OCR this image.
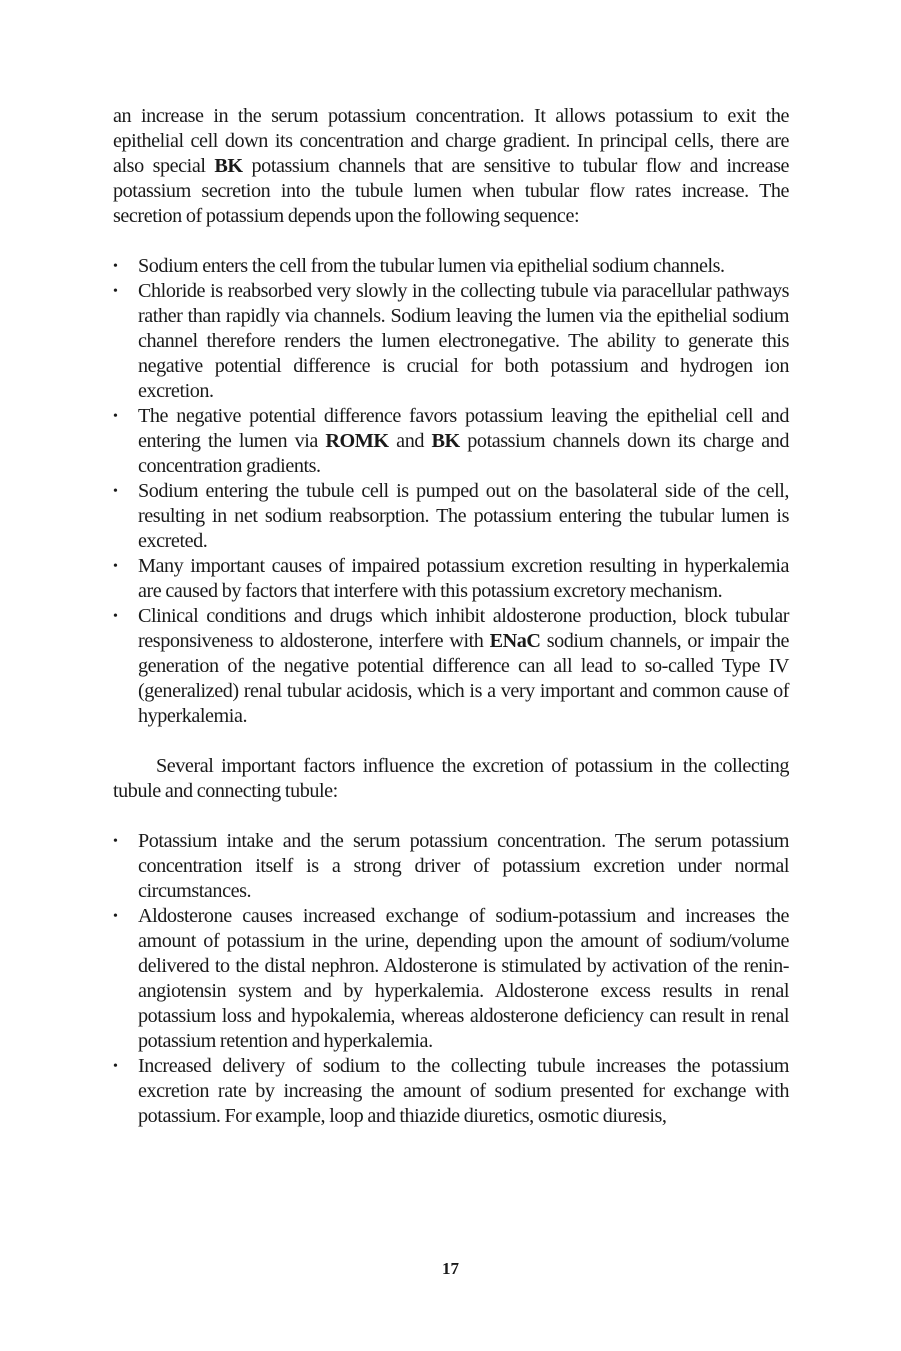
an increase in the serum potassium concentration. It allows potassium to exit the epithelial cell down its concentration and charge gradient. In principal cells, there are also special BK potassium channels that are sensitive to tubular flow and increase potassium secretion into the tubule lumen when tubular flow rates increase. The secretion of potassium depends upon the following sequence:

• Sodium enters the cell from the tubular lumen via epithelial sodium channels.
• Chloride is reabsorbed very slowly in the collecting tubule via paracellular pathways rather than rapidly via channels. Sodium leaving the lumen via the epithelial sodium channel therefore renders the lumen electronegative. The ability to generate this negative potential difference is crucial for both potassium and hydrogen ion excretion.
• The negative potential difference favors potassium leaving the epithelial cell and entering the lumen via ROMK and BK potassium channels down its charge and concentration gradients.
• Sodium entering the tubule cell is pumped out on the basolateral side of the cell, resulting in net sodium reabsorption. The potassium entering the tubular lumen is excreted.
• Many important causes of impaired potassium excretion resulting in hyperkalemia are caused by factors that interfere with this potassium excretory mechanism.
• Clinical conditions and drugs which inhibit aldosterone production, block tubular responsiveness to aldosterone, interfere with ENaC sodium channels, or impair the generation of the negative potential difference can all lead to so-called Type IV (generalized) renal tubular acidosis, which is a very important and common cause of hyperkalemia.

Several important factors influence the excretion of potassium in the collecting tubule and connecting tubule:

• Potassium intake and the serum potassium concentration. The serum potassium concentration itself is a strong driver of potassium excretion under normal circumstances.
• Aldosterone causes increased exchange of sodium-potassium and increases the amount of potassium in the urine, depending upon the amount of sodium/volume delivered to the distal nephron. Aldosterone is stimulated by activation of the renin-angiotensin system and by hyperkalemia. Aldosterone excess results in renal potassium loss and hypokalemia, whereas aldosterone deficiency can result in renal potassium retention and hyperkalemia.
• Increased delivery of sodium to the collecting tubule increases the potassium excretion rate by increasing the amount of sodium presented for exchange with potassium. For example, loop and thiazide diuretics, osmotic diuresis,
17
